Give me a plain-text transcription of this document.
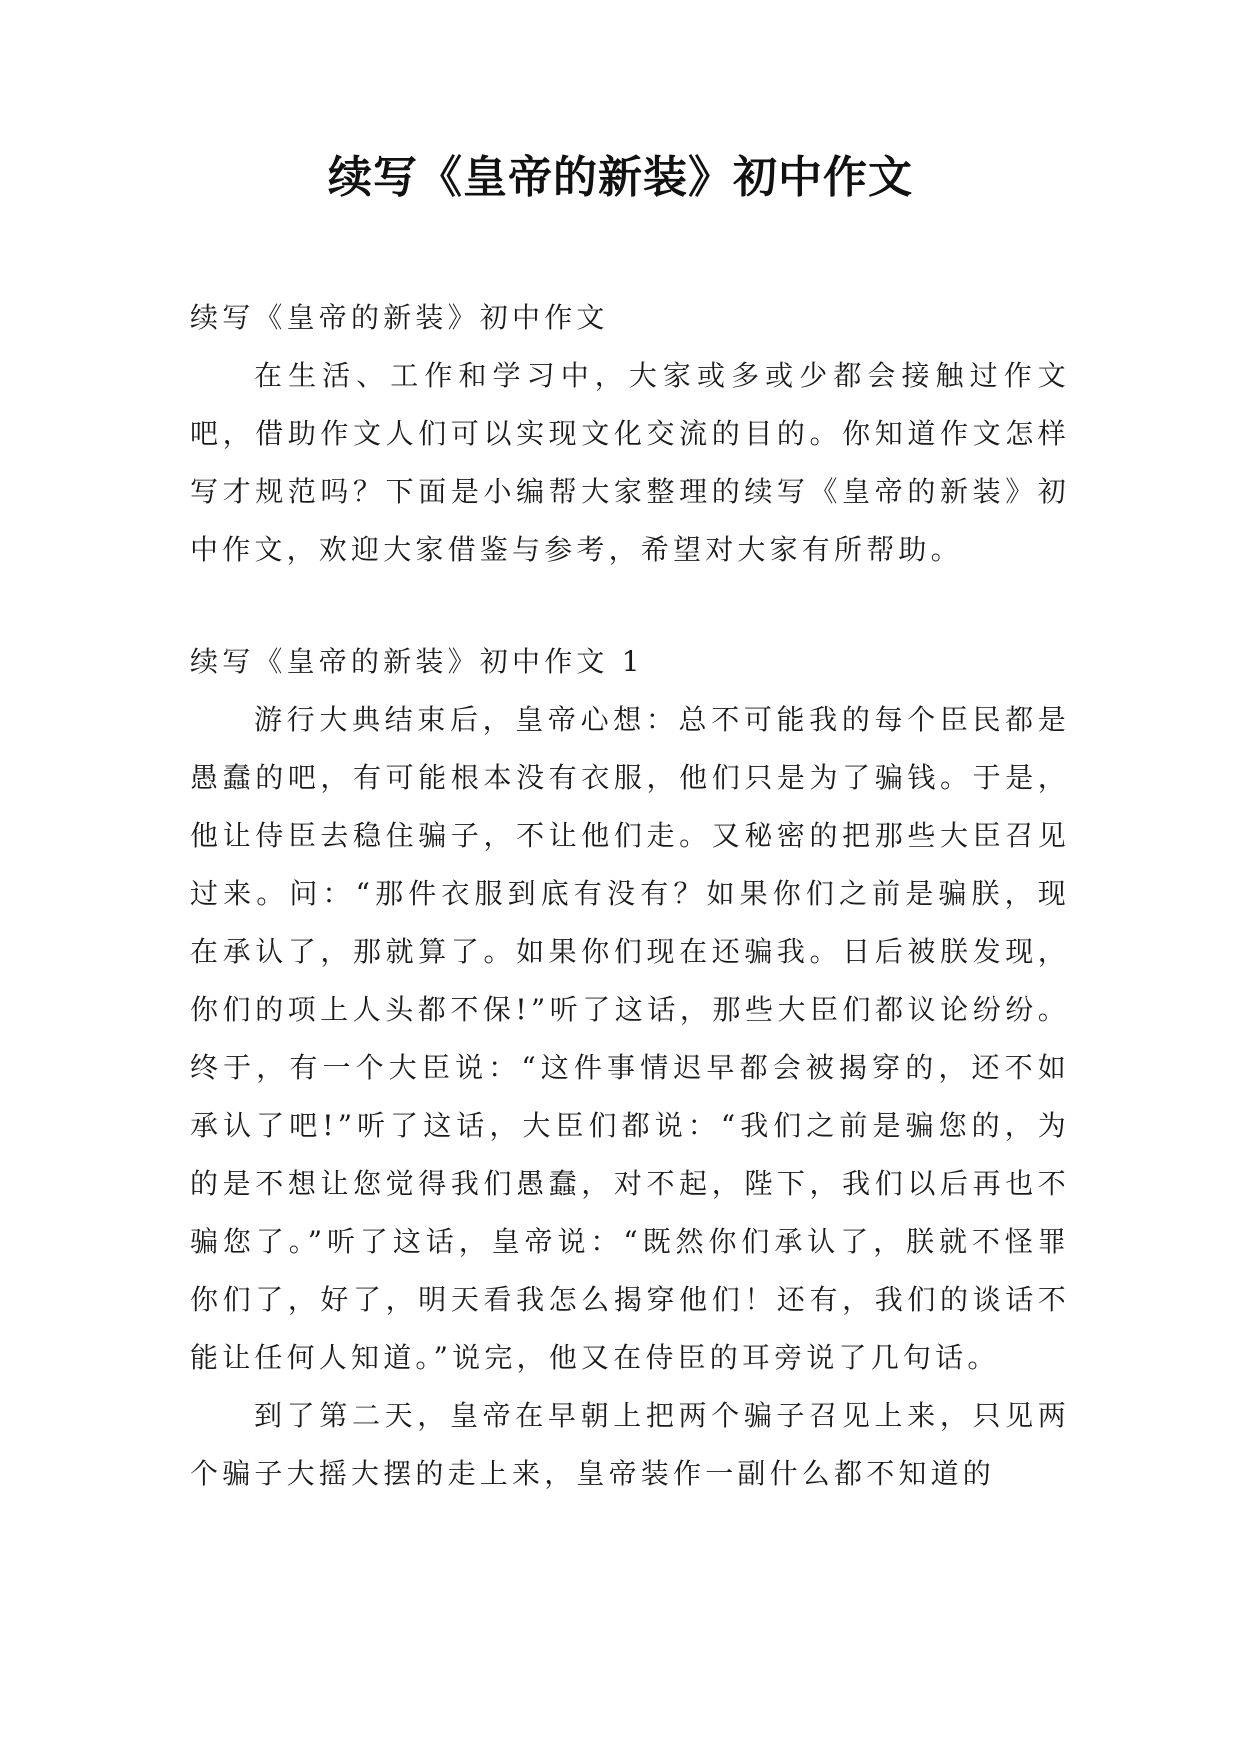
续写《皇帝的新装》初中作文

续写《皇帝的新装》初中作文

在生活、工作和学习中，大家或多或少都会接触过作文吧，借助作文人们可以实现文化交流的目的。你知道作文怎样写才规范吗？下面是小编帮大家整理的续写《皇帝的新装》初中作文，欢迎大家借鉴与参考，希望对大家有所帮助。

续写《皇帝的新装》初中作文 1

游行大典结束后，皇帝心想：总不可能我的每个臣民都是愚蠢的吧，有可能根本没有衣服，他们只是为了骗钱。于是，他让侍臣去稳住骗子，不让他们走。又秘密的把那些大臣召见过来。问：“那件衣服到底有没有？如果你们之前是骗朕，现在承认了，那就算了。如果你们现在还骗我。日后被朕发现，你们的项上人头都不保!”听了这话，那些大臣们都议论纷纷。终于，有一个大臣说：“这件事情迟早都会被揭穿的，还不如承认了吧!”听了这话，大臣们都说：“我们之前是骗您的，为的是不想让您觉得我们愚蠢，对不起，陛下，我们以后再也不骗您了。”听了这话，皇帝说：“既然你们承认了，朕就不怪罪你们了，好了，明天看我怎么揭穿他们！还有，我们的谈话不能让任何人知道。”说完，他又在侍臣的耳旁说了几句话。

到了第二天，皇帝在早朝上把两个骗子召见上来，只见两个骗子大摇大摆的走上来，皇帝装作一副什么都不知道的
